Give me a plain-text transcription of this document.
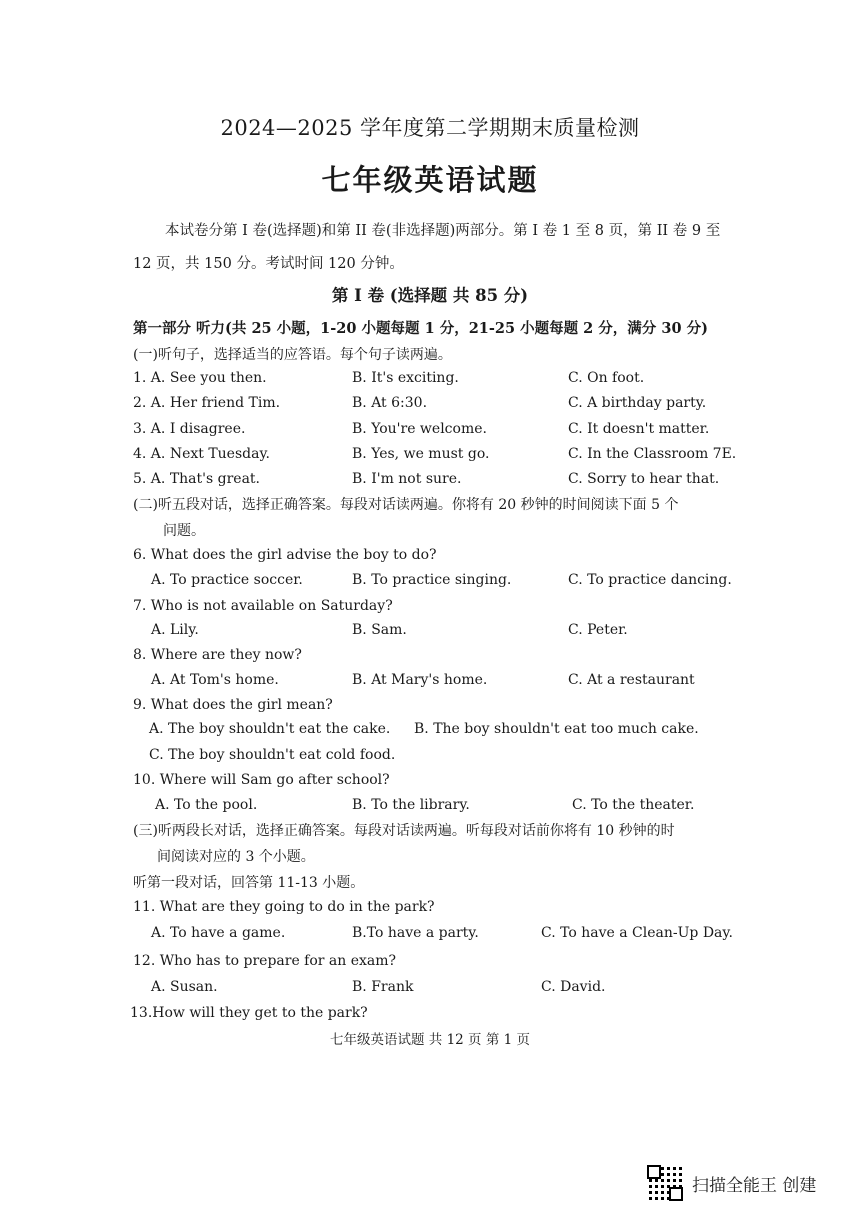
2024—2025 学年度第二学期期末质量检测
七年级英语试题
本试卷分第 I 卷(选择题)和第 II 卷(非选择题)两部分。第 I 卷 1 至 8 页，第 II 卷 9 至 12 页，共 150 分。考试时间 120 分钟。
第 I 卷 (选择题 共 85 分)
第一部分 听力(共 25 小题，1-20 小题每题 1 分，21-25 小题每题 2 分，满分 30 分)
(一)听句子，选择适当的应答语。每个句子读两遍。
1. A. See you then.	B. It's exciting.	C. On foot.
2. A. Her friend Tim.	B. At 6:30.	C. A birthday party.
3. A. I disagree.	B. You're welcome.	C. It doesn't matter.
4. A. Next Tuesday.	B. Yes, we must go.	C. In the Classroom 7E.
5. A. That's great.	B. I'm not sure.	C. Sorry to hear that.
(二)听五段对话，选择正确答案。每段对话读两遍。你将有 20 秒钟的时间阅读下面 5 个
问题。
6. What does the girl advise the boy to do?
A. To practice soccer.	B. To practice singing.	C. To practice dancing.
7. Who is not available on Saturday?
A. Lily.	B. Sam.	C. Peter.
8. Where are they now?
A. At Tom's home.	B. At Mary's home.	C. At a restaurant
9. What does the girl mean?
A. The boy shouldn't eat the cake. B. The boy shouldn't eat too much cake.
C. The boy shouldn't eat cold food.
10. Where will Sam go after school?
A. To the pool.	B. To the library.	C. To the theater.
(三)听两段长对话，选择正确答案。每段对话读两遍。听每段对话前你将有 10 秒钟的时
间阅读对应的 3 个小题。
听第一段对话，回答第 11-13 小题。
11. What are they going to do in the park?
A. To have a game.	B.To have a party.	C. To have a Clean-Up Day.
12. Who has to prepare for an exam?
A. Susan.	B. Frank	C. David.
13.How will they get to the park?
七年级英语试题 共 12 页 第 1 页
扫描全能王 创建
